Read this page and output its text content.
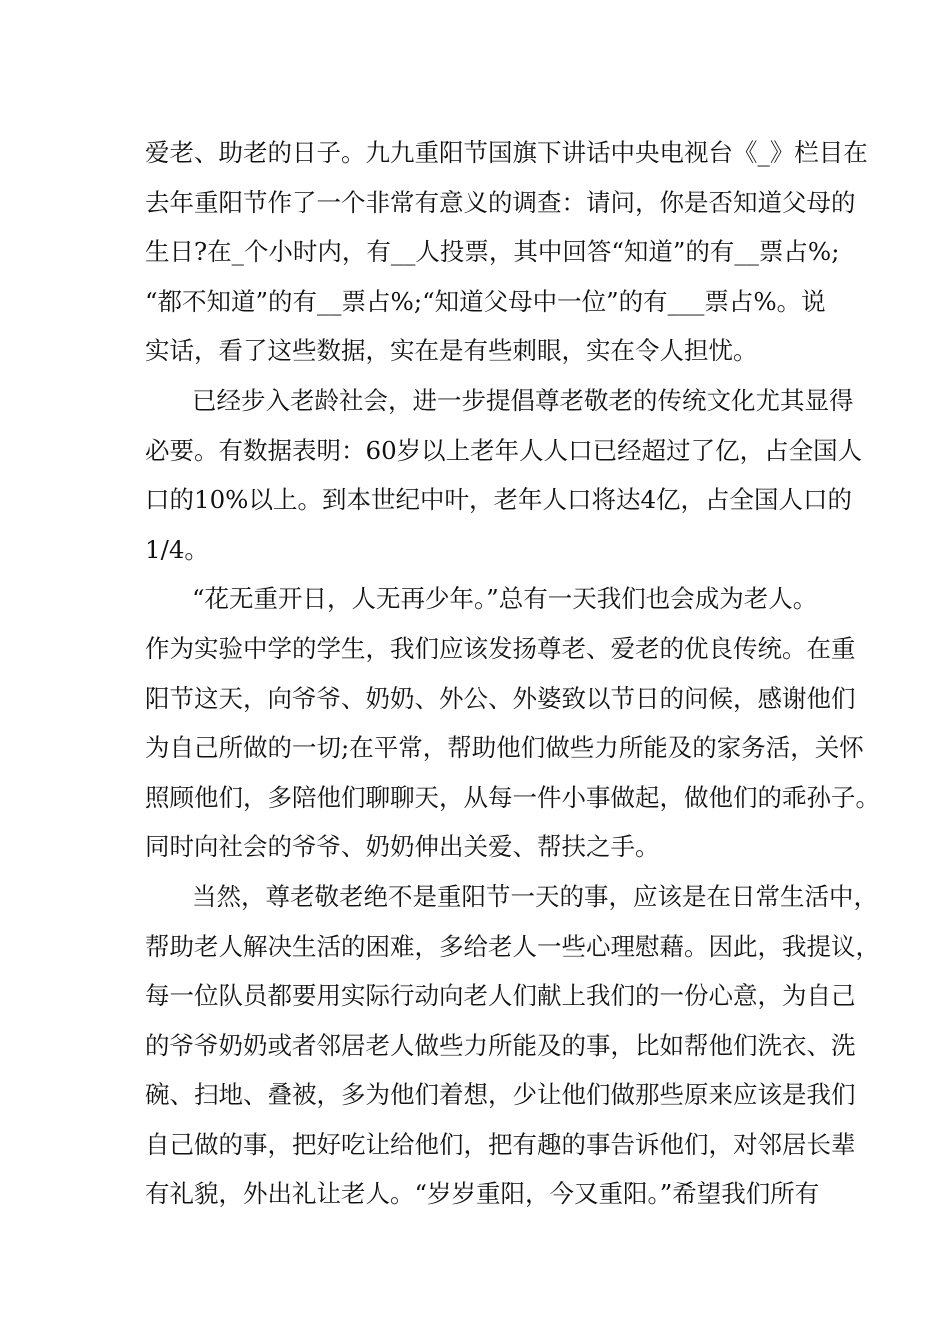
爱老、助老的日子。九九重阳节国旗下讲话中央电视台《_》栏目在
去年重阳节作了一个非常有意义的调查：请问，你是否知道父母的
生日?在_个小时内，有__人投票，其中回答“知道”的有__票占%;
“都不知道”的有__票占%;“知道父母中一位”的有___票占%。说
实话，看了这些数据，实在是有些刺眼，实在令人担忧。
已经步入老龄社会，进一步提倡尊老敬老的传统文化尤其显得
必要。有数据表明：60岁以上老年人人口已经超过了亿，占全国人
口的10%以上。到本世纪中叶，老年人口将达4亿，占全国人口的
1/4。
“花无重开日，人无再少年。”总有一天我们也会成为老人。
作为实验中学的学生，我们应该发扬尊老、爱老的优良传统。在重
阳节这天，向爷爷、奶奶、外公、外婆致以节日的问候，感谢他们
为自己所做的一切;在平常，帮助他们做些力所能及的家务活，关怀
照顾他们，多陪他们聊聊天，从每一件小事做起，做他们的乖孙子。
同时向社会的爷爷、奶奶伸出关爱、帮扶之手。
当然，尊老敬老绝不是重阳节一天的事，应该是在日常生活中，
帮助老人解决生活的困难，多给老人一些心理慰藉。因此，我提议，
每一位队员都要用实际行动向老人们献上我们的一份心意，为自己
的爷爷奶奶或者邻居老人做些力所能及的事，比如帮他们洗衣、洗
碗、扫地、叠被，多为他们着想，少让他们做那些原来应该是我们
自己做的事，把好吃让给他们，把有趣的事告诉他们，对邻居长辈
有礼貌，外出礼让老人。“岁岁重阳，今又重阳。”希望我们所有
